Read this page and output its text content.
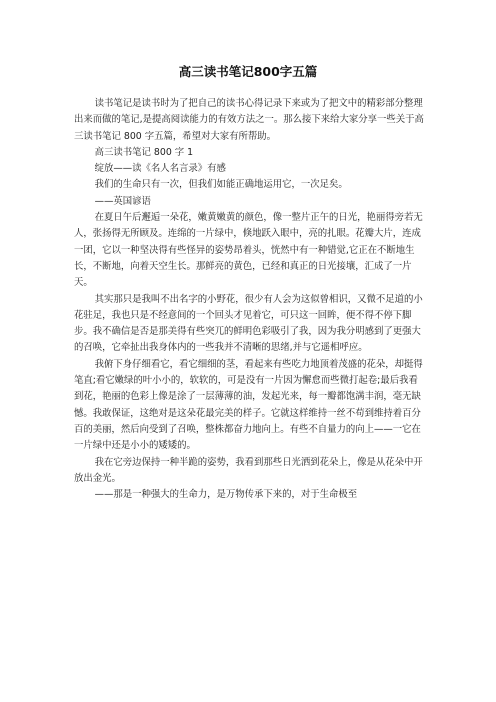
高三读书笔记800字五篇

读书笔记是读书时为了把自己的读书心得记录下来或为了把文中的精彩部分整理出来而做的笔记,是提高阅读能力的有效方法之一。那么接下来给大家分享一些关于高三读书笔记 800 字五篇，希望对大家有所帮助。

高三读书笔记 800 字 1

绽放——读《名人名言录》有感

我们的生命只有一次，但我们如能正确地运用它，一次足矣。

——英国谚语

在夏日午后邂逅一朵花，嫩黄嫩黄的颜色，像一整片正午的日光，艳丽得旁若无人，张扬得无所顾及。连绵的一片绿中，倏地跃入眼中，亮的扎眼。花瓣大片，连成一团，它以一种坚决得有些怪异的姿势昂着头，恍然中有一种错觉,它正在不断地生长，不断地，向着天空生长。那鲜亮的黄色，已经和真正的日光接壤，汇成了一片天。

其实那只是我叫不出名字的小野花，很少有人会为这似曾相识，又微不足道的小花驻足，我也只是不经意间的一个回头才见着它，可只这一回眸，便不得不停下脚步。我不确信是否是那美得有些突兀的鲜明色彩吸引了我，因为我分明感到了更强大的召唤，它牵扯出我身体内的一些我并不清晰的思绪,并与它遥相呼应。

我俯下身仔细看它，看它细细的茎，看起来有些吃力地顶着茂盛的花朵，却挺得笔直;看它嫩绿的叶小小的，软软的，可是没有一片因为懈怠而些微打起卷;最后我看到花，艳丽的色彩上像是涂了一层薄薄的油，发起光来，每一瓣都饱满丰润，毫无缺憾。我敢保证，这绝对是这朵花最完美的样子。它就这样维持一丝不苟到维持着百分百的美丽，然后向受到了召唤，整株都奋力地向上。有些不自量力的向上——一它在一片绿中还是小小的矮矮的。

我在它旁边保持一种半跪的姿势，我看到那些日光洒到花朵上，像是从花朵中开放出金光。

——那是一种强大的生命力，是万物传承下来的，对于生命极至
